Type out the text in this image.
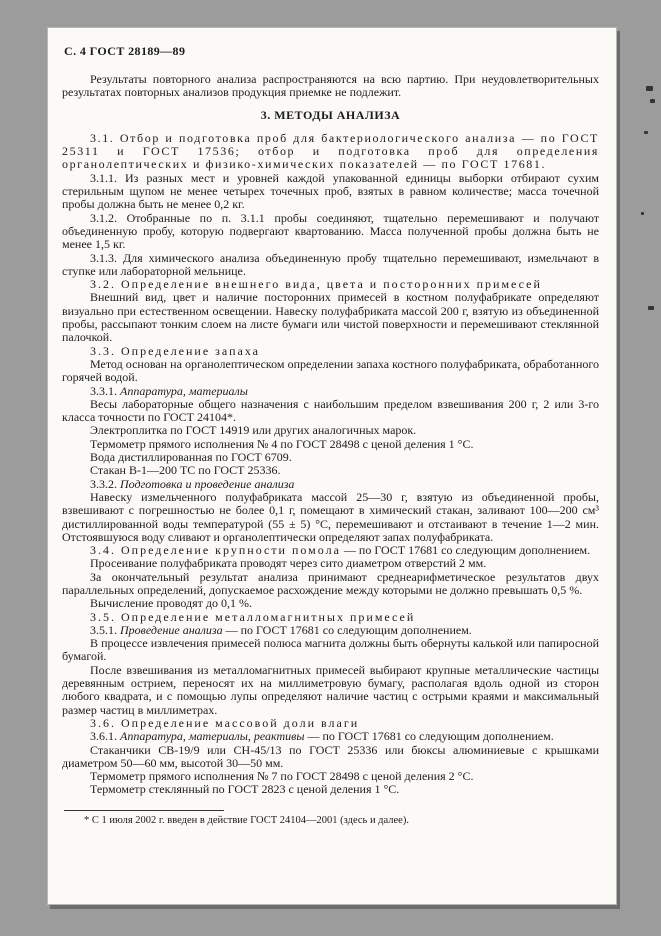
С. 4 ГОСТ 28189—89

Результаты повторного анализа распространяются на всю партию. При неудовлетворительных результатах повторных анализов продукция приемке не подлежит.

3. МЕТОДЫ АНАЛИЗА

3.1. Отбор и подготовка проб для бактериологического анализа — по ГОСТ 25311 и ГОСТ 17536; отбор и подготовка проб для определения органолептических и физико-химических показателей — по ГОСТ 17681.

3.1.1. Из разных мест и уровней каждой упакованной единицы выборки отбирают сухим стерильным щупом не менее четырех точечных проб, взятых в равном количестве; масса точечной пробы должна быть не менее 0,2 кг.

3.1.2. Отобранные по п. 3.1.1 пробы соединяют, тщательно перемешивают и получают объединенную пробу, которую подвергают квартованию. Масса полученной пробы должна быть не менее 1,5 кг.

3.1.3. Для химического анализа объединенную пробу тщательно перемешивают, измельчают в ступке или лабораторной мельнице.

3.2. Определение внешнего вида, цвета и посторонних примесей

Внешний вид, цвет и наличие посторонних примесей в костном полуфабрикате определяют визуально при естественном освещении. Навеску полуфабриката массой 200 г, взятую из объединенной пробы, рассыпают тонким слоем на листе бумаги или чистой поверхности и перемешивают стеклянной палочкой.

3.3. Определение запаха

Метод основан на органолептическом определении запаха костного полуфабриката, обработанного горячей водой.

3.3.1. Аппаратура, материалы

Весы лабораторные общего назначения с наибольшим пределом взвешивания 200 г, 2 или 3-го класса точности по ГОСТ 24104*.

Электроплитка по ГОСТ 14919 или других аналогичных марок.

Термометр прямого исполнения № 4 по ГОСТ 28498 с ценой деления 1 °С.

Вода дистиллированная по ГОСТ 6709.

Стакан В-1—200 ТС по ГОСТ 25336.

3.3.2. Подготовка и проведение анализа

Навеску измельченного полуфабриката массой 25—30 г, взятую из объединенной пробы, взвешивают с погрешностью не более 0,1 г, помещают в химический стакан, заливают 100—200 см³ дистиллированной воды температурой (55 ± 5) °С, перемешивают и отстаивают в течение 1—2 мин. Отстоявшуюся воду сливают и органолептически определяют запах полуфабриката.

3.4. Определение крупности помола — по ГОСТ 17681 со следующим дополнением.

Просеивание полуфабриката проводят через сито диаметром отверстий 2 мм.

За окончательный результат анализа принимают среднеарифметическое результатов двух параллельных определений, допускаемое расхождение между которыми не должно превышать 0,5 %.

Вычисление проводят до 0,1 %.

3.5. Определение металломагнитных примесей

3.5.1. Проведение анализа — по ГОСТ 17681 со следующим дополнением.

В процессе извлечения примесей полюса магнита должны быть обернуты калькой или папиросной бумагой.

После взвешивания из металломагнитных примесей выбирают крупные металлические частицы деревянным острием, переносят их на миллиметровую бумагу, располагая вдоль одной из сторон любого квадрата, и с помощью лупы определяют наличие частиц с острыми краями и максимальный размер частиц в миллиметрах.

3.6. Определение массовой доли влаги

3.6.1. Аппаратура, материалы, реактивы — по ГОСТ 17681 со следующим дополнением.

Стаканчики СВ-19/9 или СН-45/13 по ГОСТ 25336 или бюксы алюминиевые с крышками диаметром 50—60 мм, высотой 30—50 мм.

Термометр прямого исполнения № 7 по ГОСТ 28498 с ценой деления 2 °С.

Термометр стеклянный по ГОСТ 2823 с ценой деления 1 °С.

* С 1 июля 2002 г. введен в действие ГОСТ 24104—2001 (здесь и далее).
